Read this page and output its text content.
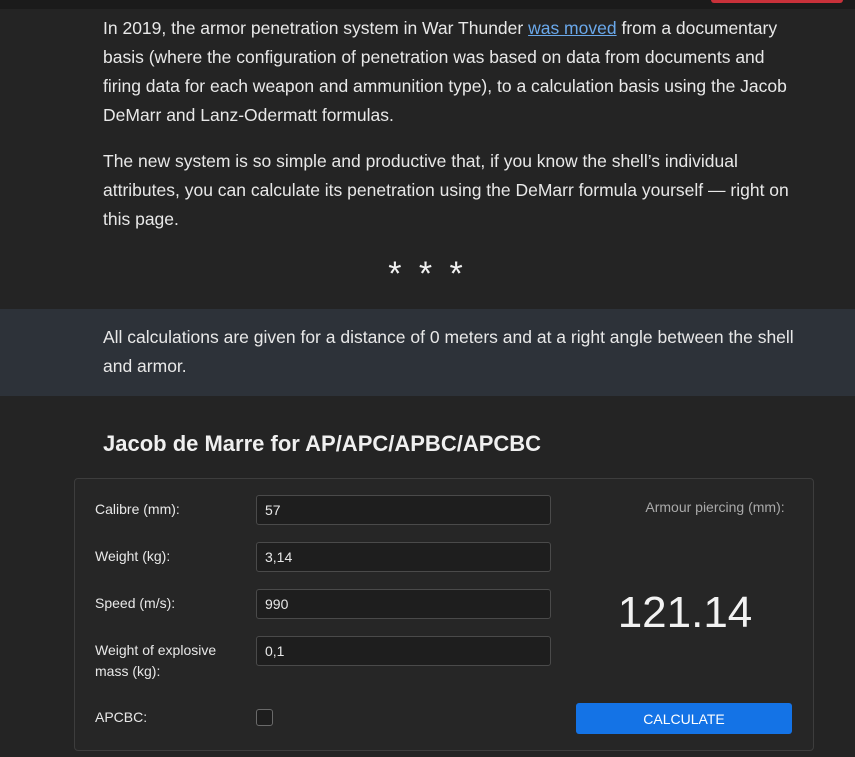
In 2019, the armor penetration system in War Thunder was moved from a documentary basis (where the configuration of penetration was based on data from documents and firing data for each weapon and ammunition type), to a calculation basis using the Jacob DeMarr and Lanz-Odermatt formulas.

The new system is so simple and productive that, if you know the shell’s individual attributes, you can calculate its penetration using the DeMarr formula yourself — right on this page.

* * *

All calculations are given for a distance of 0 meters and at a right angle between the shell and armor.

Jacob de Marre for AP/APC/APBC/APCBC
Calibre (mm):
57
Weight (kg):
3,14
Speed (m/s):
990
Weight of explosive mass (kg):
0,1
APCBC:
Armour piercing (mm):
121.14
CALCULATE
